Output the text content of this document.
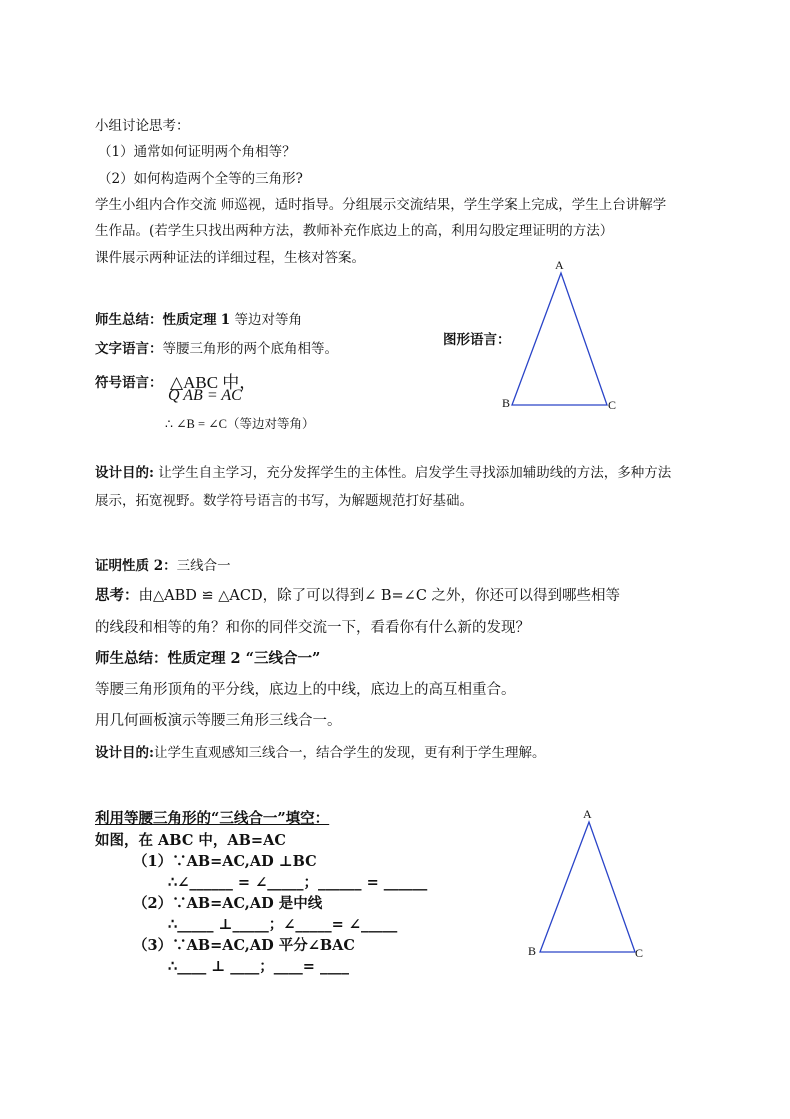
小组讨论思考：
（1）通常如何证明两个角相等？
（2）如何构造两个全等的三角形?
学生小组内合作交流 师巡视，适时指导。分组展示交流结果，学生学案上完成，学生上台讲解学
生作品。(若学生只找出两种方法，教师补充作底边上的高，利用勾股定理证明的方法）
课件展示两种证法的详细过程，生核对答案。
师生总结：性质定理 1 等边对等角
文字语言：等腰三角形的两个底角相等。
图形语言：
符号语言： △ABC 中，
Q AB = AC
∴ ∠B = ∠C（等边对等角）
A
B	C
设计目的: 让学生自主学习，充分发挥学生的主体性。启发学生寻找添加辅助线的方法，多种方法
展示，拓宽视野。数学符号语言的书写，为解题规范打好基础。
证明性质 2：三线合一
思考：由△ABD ≌ △ACD，除了可以得到∠ B=∠C 之外，你还可以得到哪些相等
的线段和相等的角？和你的同伴交流一下，看看你有什么新的发现？
师生总结：性质定理 2 “三线合一”
等腰三角形顶角的平分线，底边上的中线，底边上的高互相重合。
用几何画板演示等腰三角形三线合一。
设计目的:让学生直观感知三线合一，结合学生的发现，更有利于学生理解。
利用等腰三角形的“三线合一”填空：
如图，在 ABC 中，AB=AC
（1）∵AB=AC,AD ⊥BC
∴∠______ = ∠_____；______ = ______
（2）∵AB=AC,AD 是中线
∴_____ ⊥_____；∠_____= ∠_____
（3）∵AB=AC,AD 平分∠BAC
∴____ ⊥ ____；____= ____
A
B	C
